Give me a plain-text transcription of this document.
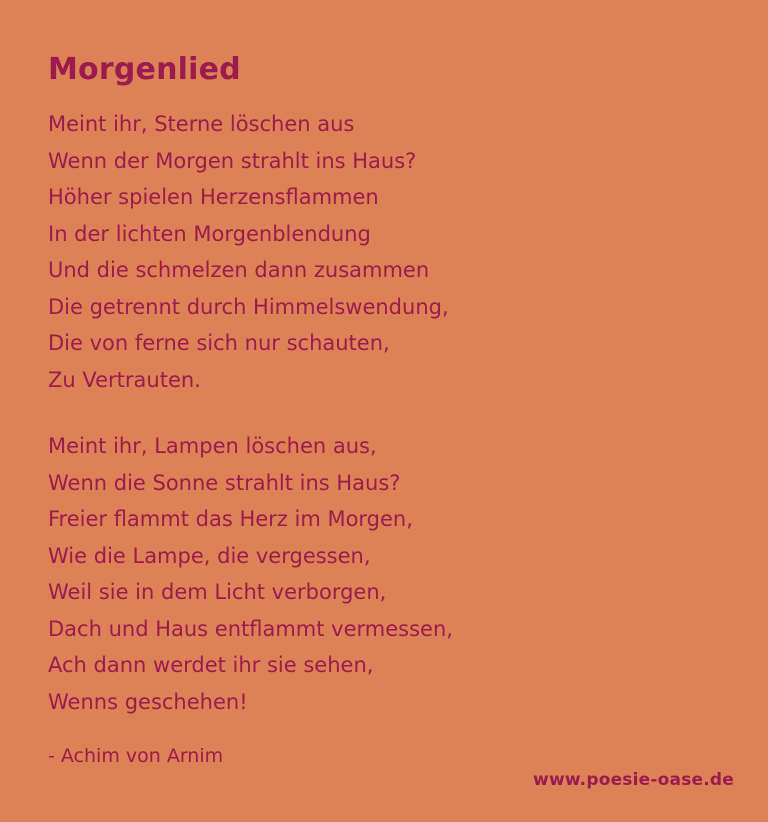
Morgenlied
Meint ihr, Sterne löschen aus
Wenn der Morgen strahlt ins Haus?
Höher spielen Herzensflammen
In der lichten Morgenblendung
Und die schmelzen dann zusammen
Die getrennt durch Himmelswendung,
Die von ferne sich nur schauten,
Zu Vertrauten.
Meint ihr, Lampen löschen aus,
Wenn die Sonne strahlt ins Haus?
Freier flammt das Herz im Morgen,
Wie die Lampe, die vergessen,
Weil sie in dem Licht verborgen,
Dach und Haus entflammt vermessen,
Ach dann werdet ihr sie sehen,
Wenns geschehen!
- Achim von Arnim
www.poesie-oase.de
